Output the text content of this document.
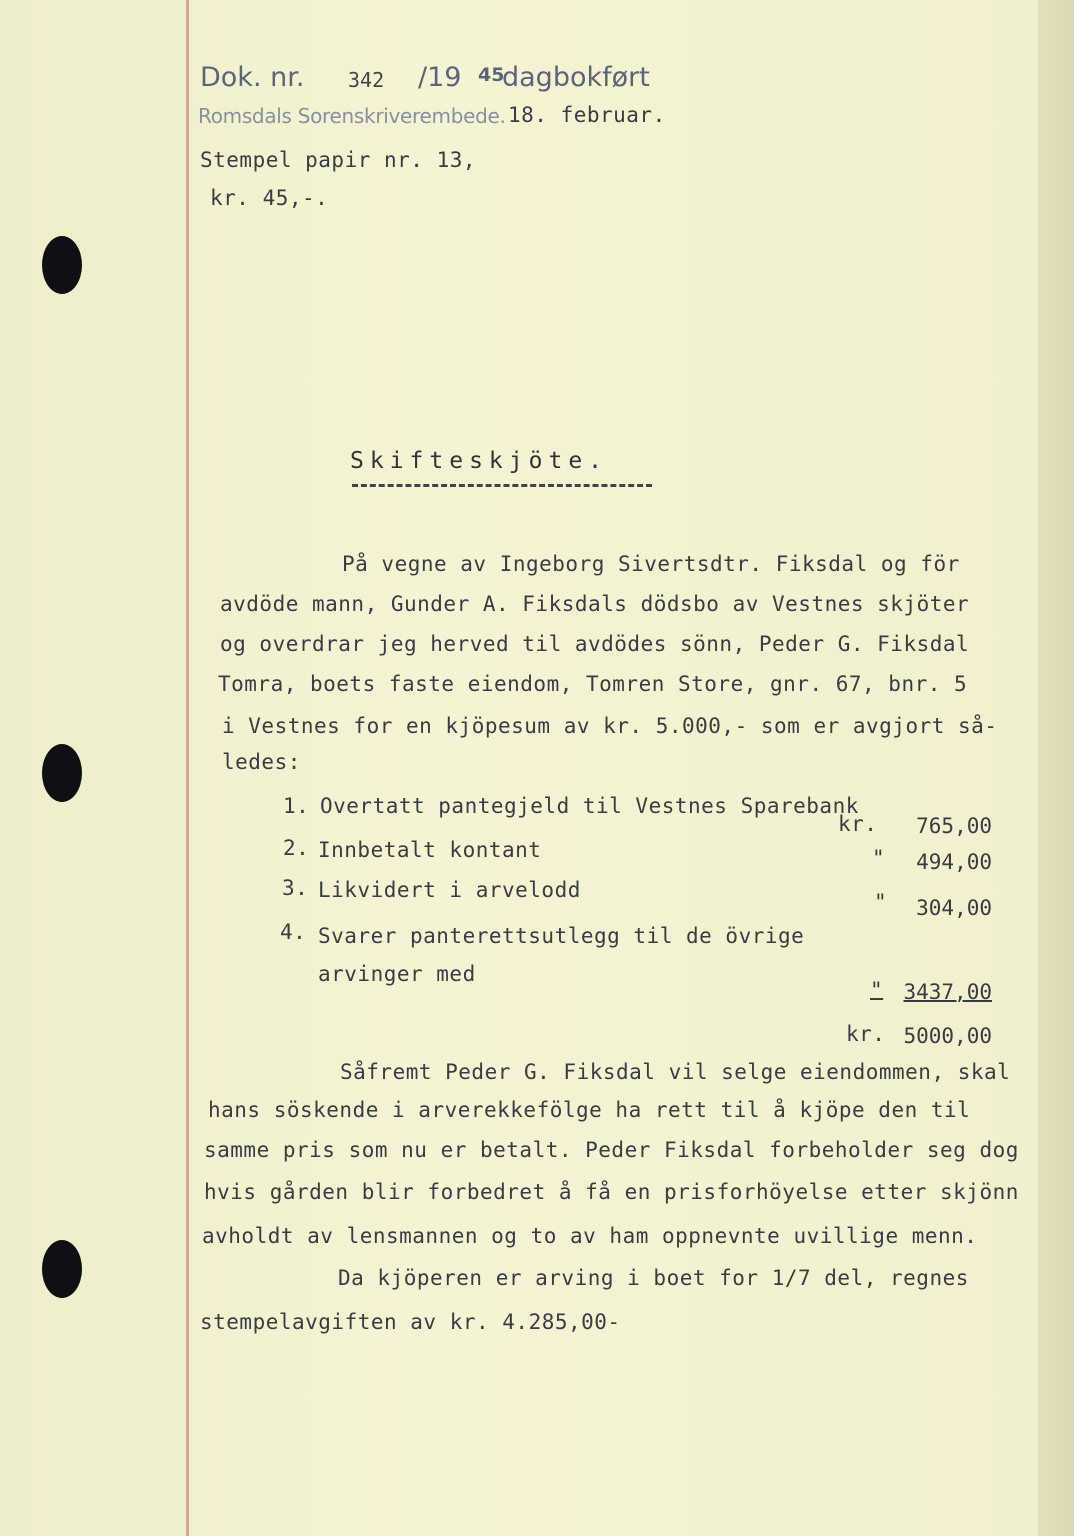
Dok. nr. 342 /19 45
dagbokført
Romsdals Sorenskriverembede. 18. februar.
Stempel papir nr. 13,
kr. 45,-.
Skifteskjöte.
På vegne av Ingeborg Sivertsdtr. Fiksdal og för
avdöde mann, Gunder A. Fiksdals dödsbo av Vestnes skjöter
og overdrar jeg herved til avdödes sönn, Peder G. Fiksdal
Tomra, boets faste eiendom, Tomren Store, gnr. 67, bnr. 5
i Vestnes for en kjöpesum av kr. 5.000,- som er avgjort så-
ledes:
1. Overtatt pantegjeld til Vestnes Sparebank
kr.	765,00
2. Innbetalt kontant	"	494,00
3. Likvidert i arvelodd	"	304,00
4. Svarer panterettsutlegg til de övrige
arvinger med
" 3437,00
kr. 5000,00
Såfremt Peder G. Fiksdal vil selge eiendommen, skal
hans söskende i arverekkefölge ha rett til å kjöpe den til
samme pris som nu er betalt. Peder Fiksdal forbeholder seg dog
hvis gården blir forbedret å få en prisforhöyelse etter skjönn
avholdt av lensmannen og to av ham oppnevnte uvillige menn.
Da kjöperen er arving i boet for 1/7 del, regnes
stempelavgiften av kr. 4.285,00-
